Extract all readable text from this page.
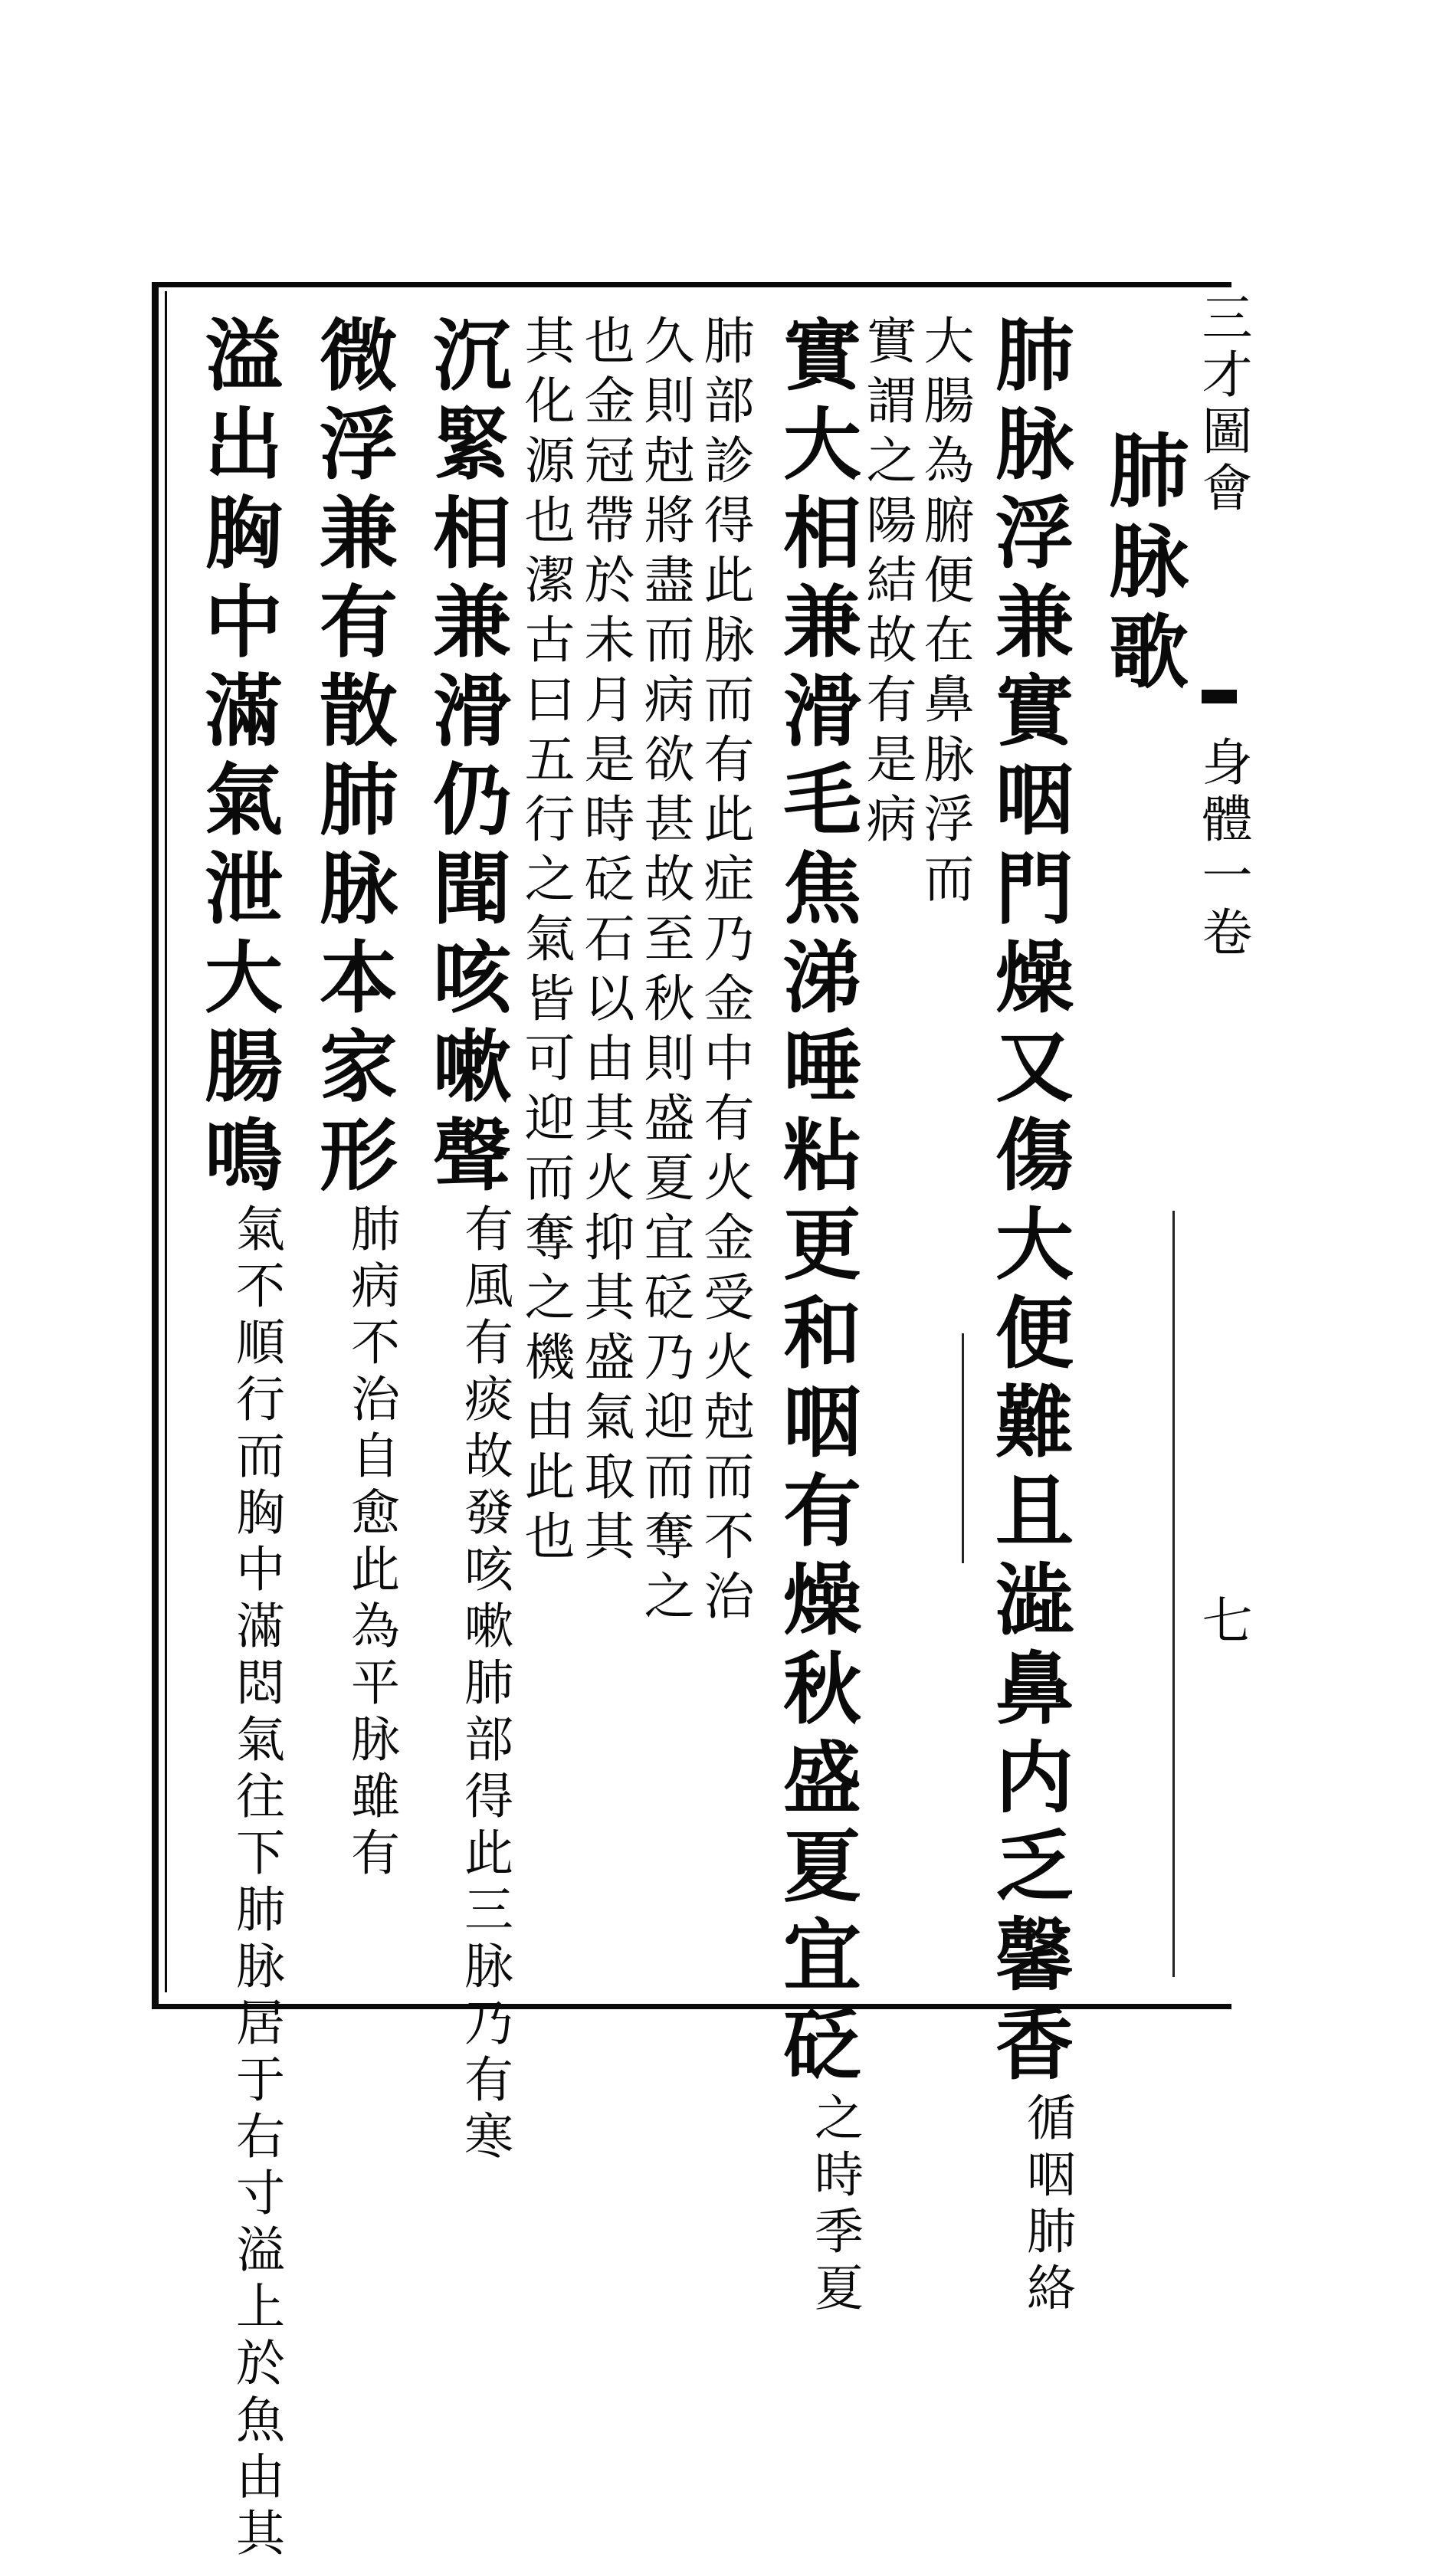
三才圖會
身體一卷
七
肺脉歌
肺脉浮兼實咽門燥又傷大便難且澁鼻内乏馨香
肺絡
循咽
大腸為腑便在鼻脉浮而
實謂之陽結故有是病
實大相兼滑毛焦涕唾粘更和咽有燥秋盛夏宜砭
季夏
之時
肺部診得此脉而有此症乃金中有火金受火尅而不治
久則尅將盡而病欲甚故至秋則盛夏宜砭乃迎而奪之
也金冠帶於未月是時砭石以由其火抑其盛氣取其
其化源也潔古曰五行之氣皆可迎而奪之機由此也
沉緊相兼滑仍聞咳嗽聲
肺部得此三脉乃有寒
有風有痰故發咳嗽
微浮兼有散肺脉本家形
此為平脉雖有
肺病不治自愈
溢出胸中滿氣泄大腸鳴
肺脉居于右寸溢上於魚由其
氣不順行而胸中滿悶氣往下
